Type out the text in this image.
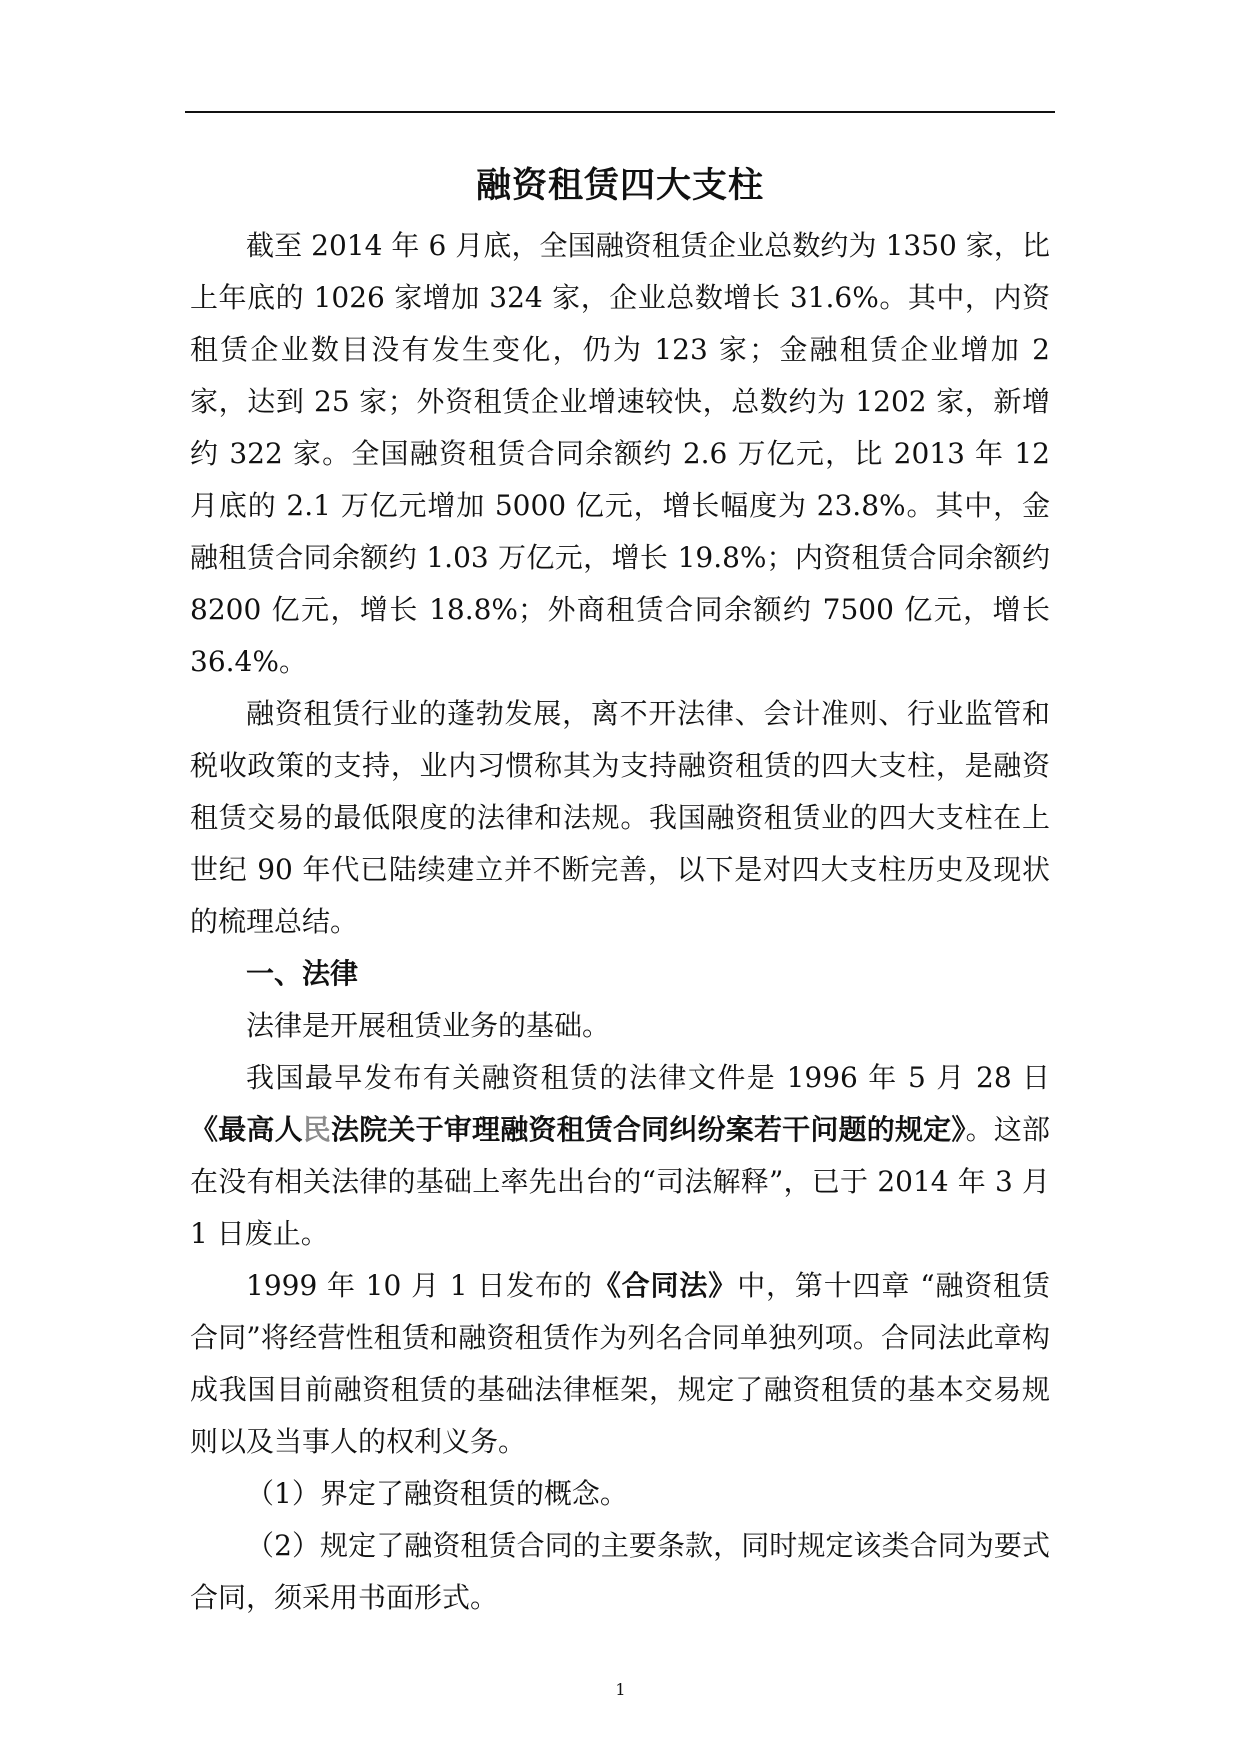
融资租赁四大支柱

截至 2014 年 6 月底，全国融资租赁企业总数约为 1350 家，比上年底的 1026 家增加 324 家，企业总数增长 31.6%。其中，内资租赁企业数目没有发生变化，仍为 123 家；金融租赁企业增加 2 家，达到 25 家；外资租赁企业增速较快，总数约为 1202 家，新增约 322 家。全国融资租赁合同余额约 2.6 万亿元，比 2013 年 12 月底的 2.1 万亿元增加 5000 亿元，增长幅度为 23.8%。其中，金融租赁合同余额约 1.03 万亿元，增长 19.8%；内资租赁合同余额约 8200 亿元，增长 18.8%；外商租赁合同余额约 7500 亿元，增长 36.4%。

融资租赁行业的蓬勃发展，离不开法律、会计准则、行业监管和税收政策的支持，业内习惯称其为支持融资租赁的四大支柱，是融资租赁交易的最低限度的法律和法规。我国融资租赁业的四大支柱在上世纪 90 年代已陆续建立并不断完善，以下是对四大支柱历史及现状的梳理总结。

一、法律

法律是开展租赁业务的基础。

我国最早发布有关融资租赁的法律文件是 1996 年 5 月 28 日《最高人民法院关于审理融资租赁合同纠纷案若干问题的规定》。这部在没有相关法律的基础上率先出台的“司法解释”，已于 2014 年 3 月 1 日废止。

1999 年 10 月 1 日发布的《合同法》中，第十四章 “融资租赁合同”将经营性租赁和融资租赁作为列名合同单独列项。合同法此章构成我国目前融资租赁的基础法律框架，规定了融资租赁的基本交易规则以及当事人的权利义务。

（1）界定了融资租赁的概念。

（2）规定了融资租赁合同的主要条款，同时规定该类合同为要式合同，须采用书面形式。

1
